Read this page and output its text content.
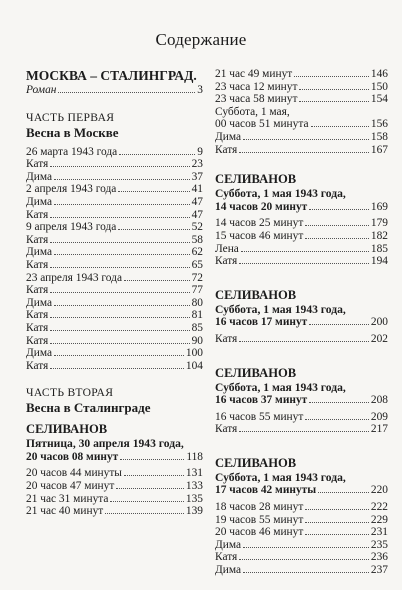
Содержание
МОСКВА – СТАЛИНГРАД.
Роман	3
ЧАСТЬ ПЕРВАЯ
Весна в Москве
26 марта 1943 года	9
Катя	23
Дима	37
2 апреля 1943 года	41
Дима	47
Катя	47
9 апреля 1943 года	52
Катя	58
Дима	62
Катя	65
23 апреля 1943 года	72
Катя	77
Дима	80
Катя	81
Катя	85
Катя	90
Дима	100
Катя	104
ЧАСТЬ ВТОРАЯ
Весна в Сталинграде
СЕЛИВАНОВ
Пятница, 30 апреля 1943 года,
20 часов 08 минут	118
20 часов 44 минуты	131
20 часов 47 минут	133
21 час 31 минута	135
21 час 40 минут	139
21 час 49 минут	146
23 часа 12 минут	150
23 часа 58 минут	154
Суббота, 1 мая,
00 часов 51 минута	156
Дима	158
Катя	167
СЕЛИВАНОВ
Суббота, 1 мая 1943 года,
14 часов 20 минут	169
14 часов 25 минут	179
15 часов 46 минут	182
Лена	185
Катя	194
СЕЛИВАНОВ
Суббота, 1 мая 1943 года,
16 часов 17 минут	200
Катя	202
СЕЛИВАНОВ
Суббота, 1 мая 1943 года,
16 часов 37 минут	208
16 часов 55 минут	209
Катя	217
СЕЛИВАНОВ
Суббота, 1 мая 1943 года,
17 часов 42 минуты	220
18 часов 28 минут	222
19 часов 55 минут	229
20 часов 46 минут	231
Дима	235
Катя	236
Дима	237
